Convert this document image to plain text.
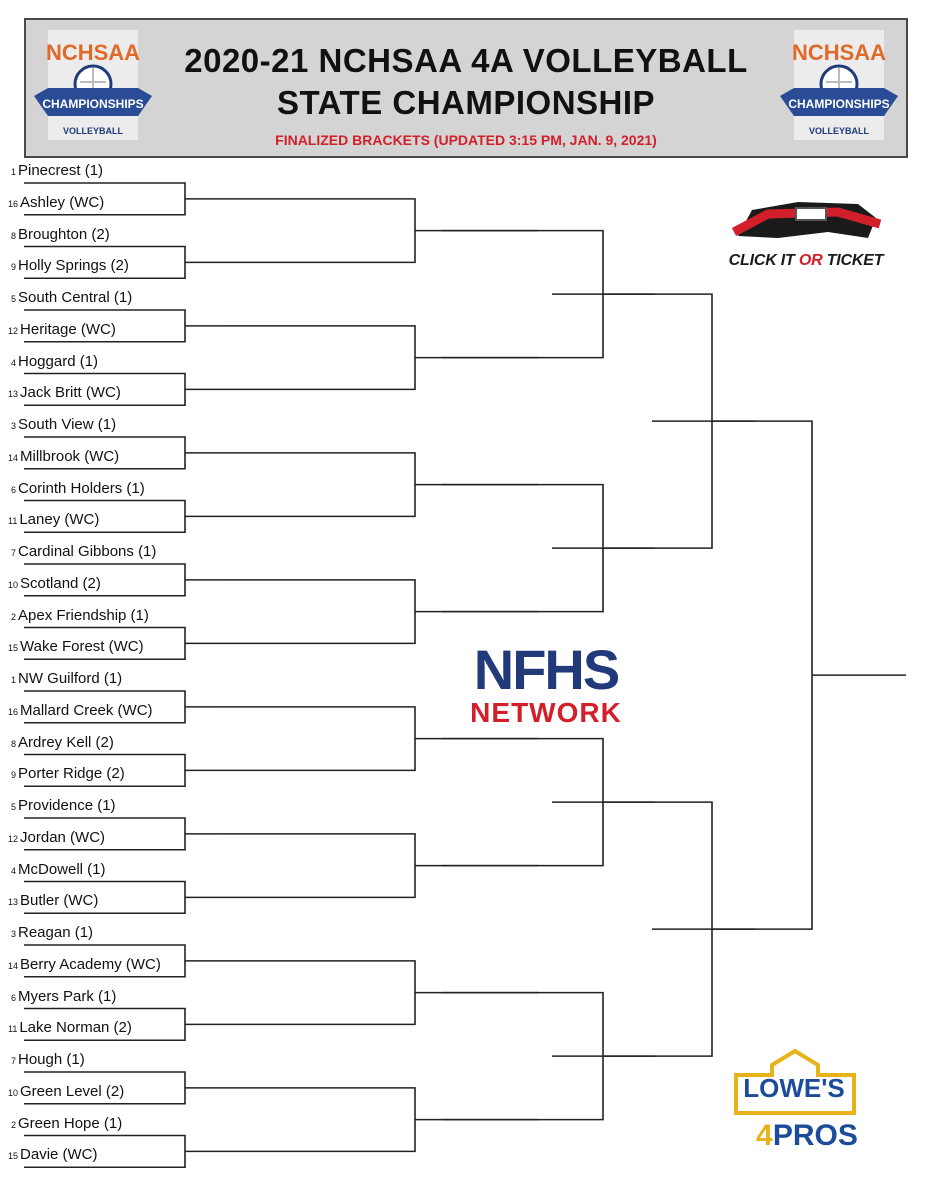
NCHSAA
CHAMPIONSHIPS
VOLLEYBALL
2020-21 NCHSAA 4A VOLLEYBALL
STATE CHAMPIONSHIP
FINALIZED BRACKETS (UPDATED 3:15 PM, JAN. 9, 2021)
NCHSAA
CHAMPIONSHIPS
VOLLEYBALL
1 Pinecrest (1)
16 Ashley (WC)
8 Broughton (2)
9 Holly Springs (2)
5 South Central (1)
12 Heritage (WC)
4 Hoggard (1)
13 Jack Britt (WC)
3 South View (1)
14 Millbrook (WC)
6 Corinth Holders (1)
11 Laney (WC)
7 Cardinal Gibbons (1)
10 Scotland (2)
2 Apex Friendship (1)
15 Wake Forest (WC)
1 NW Guilford (1)
16 Mallard Creek (WC)
8 Ardrey Kell (2)
9 Porter Ridge (2)
5 Providence (1)
12 Jordan (WC)
4 McDowell (1)
13 Butler (WC)
3 Reagan (1)
14 Berry Academy (WC)
6 Myers Park (1)
11 Lake Norman (2)
7 Hough (1)
10 Green Level (2)
2 Green Hope (1)
15 Davie (WC)
CLICK IT OR TICKET
NFHS
NETWORK
LOWE'S
4PROS
